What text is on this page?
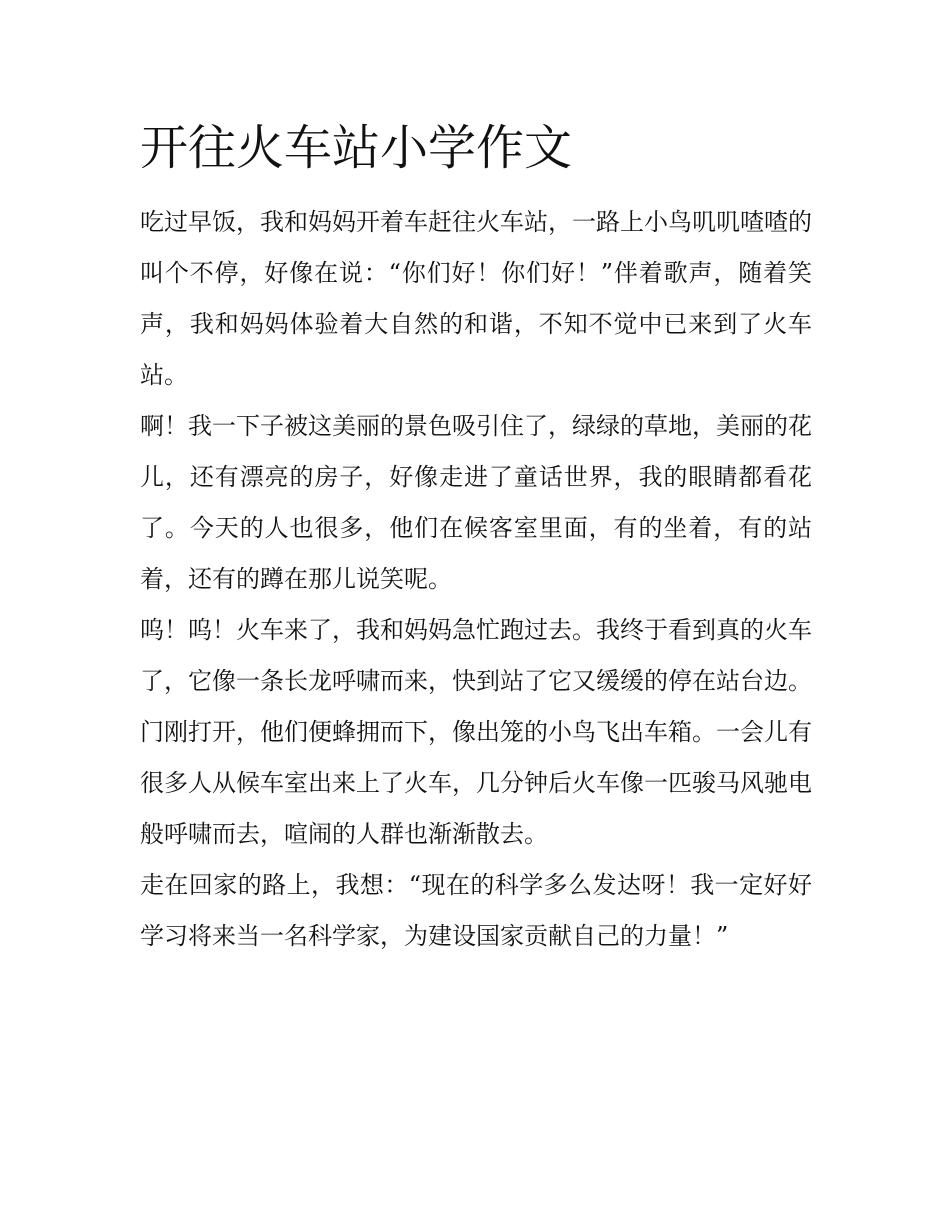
开往火车站小学作文

吃过早饭，我和妈妈开着车赶往火车站，一路上小鸟叽叽喳喳的叫个不停，好像在说：“你们好！你们好！”伴着歌声，随着笑声，我和妈妈体验着大自然的和谐，不知不觉中已来到了火车站。

啊！我一下子被这美丽的景色吸引住了，绿绿的草地，美丽的花儿，还有漂亮的房子，好像走进了童话世界，我的眼睛都看花了。今天的人也很多，他们在候客室里面，有的坐着，有的站着，还有的蹲在那儿说笑呢。

呜！呜！火车来了，我和妈妈急忙跑过去。我终于看到真的火车了，它像一条长龙呼啸而来，快到站了它又缓缓的停在站台边。门刚打开，他们便蜂拥而下，像出笼的小鸟飞出车箱。一会儿有很多人从候车室出来上了火车，几分钟后火车像一匹骏马风驰电般呼啸而去，喧闹的人群也渐渐散去。

走在回家的路上，我想：“现在的科学多么发达呀！我一定好好学习将来当一名科学家，为建设国家贡献自己的力量！”
